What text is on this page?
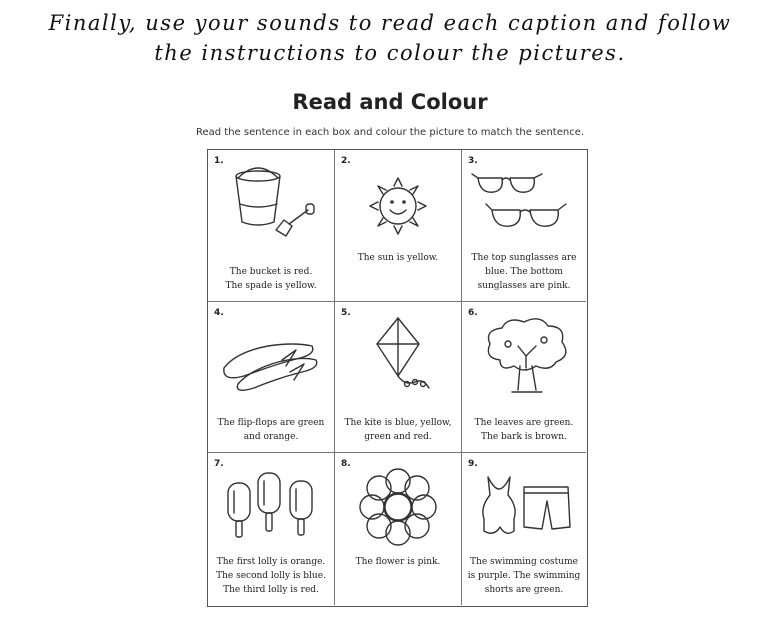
Finally, use your sounds to read each caption and follow
the instructions to colour the pictures.
Read and Colour
Read the sentence in each box and colour the picture to match the sentence.
1.
The bucket is red.
The spade is yellow.
2.
The sun is yellow.
3.
The top sunglasses are
blue. The bottom
sunglasses are pink.
4.
The flip-flops are green
and orange.
5.
The kite is blue, yellow,
green and red.
6.
The leaves are green.
The bark is brown.
7.
The first lolly is orange.
The second lolly is blue.
The third lolly is red.
8.
The flower is pink.
9.
The swimming costume
is purple. The swimming
shorts are green.
